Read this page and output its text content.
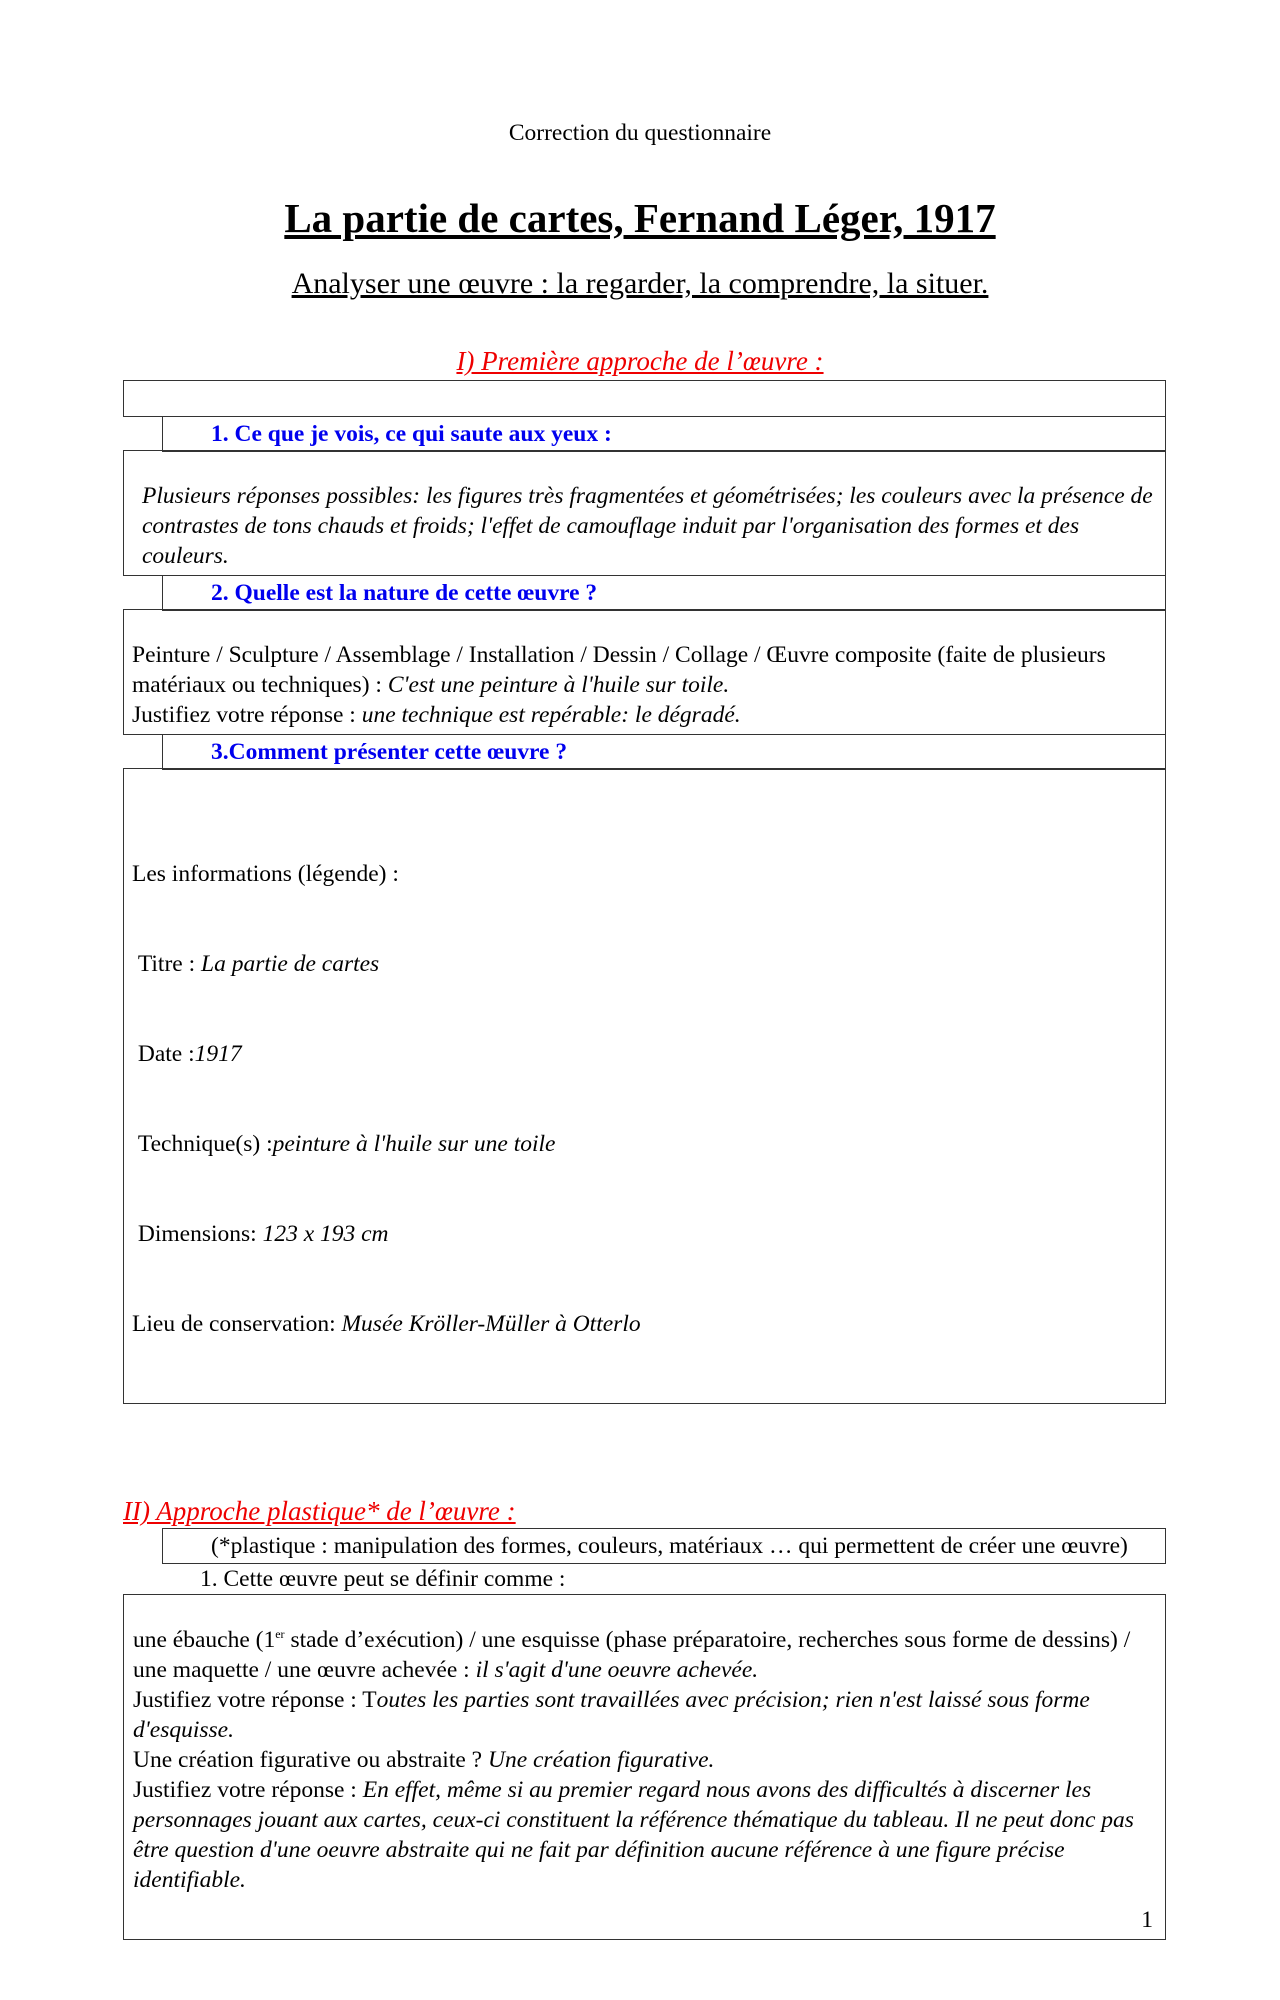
Correction du questionnaire
La partie de cartes, Fernand Léger, 1917
Analyser une œuvre : la regarder, la comprendre, la situer.
I) Première approche de l’œuvre :
1. Ce que je vois, ce qui saute aux yeux :

Plusieurs réponses possibles: les figures très fragmentées et géométrisées; les couleurs avec la présence de contrastes de tons chauds et froids; l'effet de camouflage induit par l'organisation des formes et des couleurs.

2. Quelle est la nature de cette œuvre ?

Peinture / Sculpture / Assemblage / Installation / Dessin / Collage / Œuvre composite (faite de plusieurs matériaux ou techniques) : C'est une peinture à l'huile sur toile.

Justifiez votre réponse : une technique est repérable: le dégradé.

3.Comment présenter cette œuvre ?

Les informations (légende) :

Titre : La partie de cartes

Date :1917

Technique(s) :peinture à l'huile sur une toile

Dimensions: 123 x 193 cm

Lieu de conservation: Musée Kröller-Müller à Otterlo

II) Approche plastique* de l’œuvre :

(*plastique : manipulation des formes, couleurs, matériaux … qui permettent de créer une œuvre)

1. Cette œuvre peut se définir comme :

une ébauche (1er stade d’exécution) / une esquisse (phase préparatoire, recherches sous forme de dessins) / une maquette / une œuvre achevée : il s'agit d'une oeuvre achevée.

Justifiez votre réponse : Toutes les parties sont travaillées avec précision; rien n'est laissé sous forme d'esquisse.

Une création figurative ou abstraite ? Une création figurative.

Justifiez votre réponse : En effet, même si au premier regard nous avons des difficultés à discerner les personnages jouant aux cartes, ceux-ci constituent la référence thématique du tableau. Il ne peut donc pas être question d'une oeuvre abstraite qui ne fait par définition aucune référence à une figure précise identifiable.

1
